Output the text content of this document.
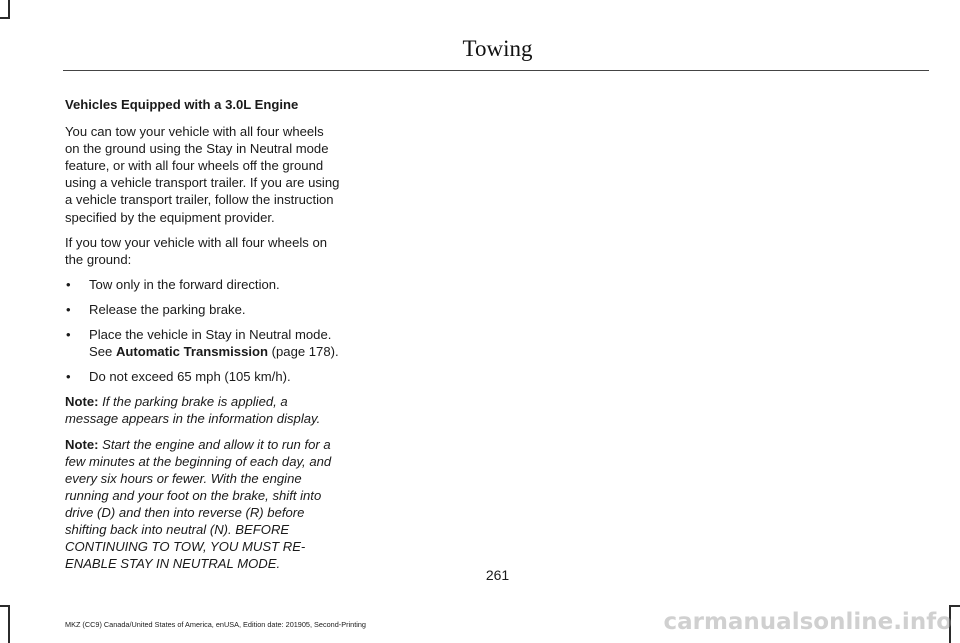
Towing

Vehicles Equipped with a 3.0L Engine

You can tow your vehicle with all four wheels on the ground using the Stay in Neutral mode feature, or with all four wheels off the ground using a vehicle transport trailer. If you are using a vehicle transport trailer, follow the instruction specified by the equipment provider.

If you tow your vehicle with all four wheels on the ground:

• Tow only in the forward direction.
• Release the parking brake.
• Place the vehicle in Stay in Neutral mode. See Automatic Transmission (page 178).
• Do not exceed 65 mph (105 km/h).

Note: If the parking brake is applied, a message appears in the information display.

Note: Start the engine and allow it to run for a few minutes at the beginning of each day, and every six hours or fewer. With the engine running and your foot on the brake, shift into drive (D) and then into reverse (R) before shifting back into neutral (N). BEFORE CONTINUING TO TOW, YOU MUST RE-ENABLE STAY IN NEUTRAL MODE.

261
MKZ (CC9) Canada/United States of America, enUSA, Edition date: 201905, Second-Printing	carmanualsonline.info
